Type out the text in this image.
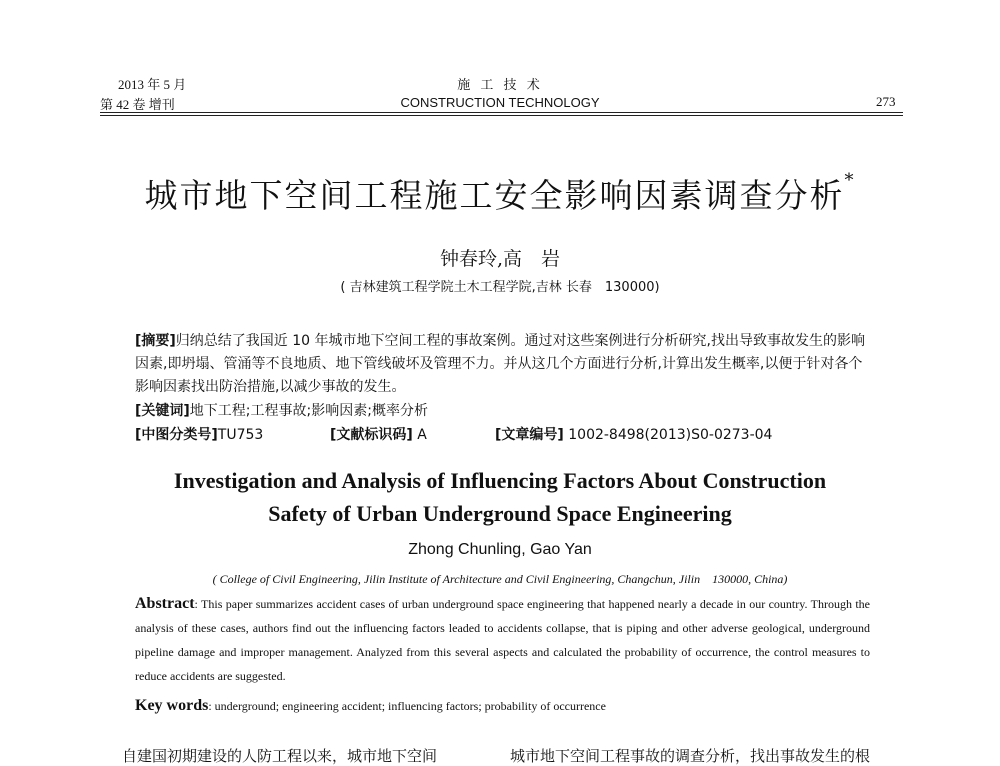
2013 年 5 月
第 42 卷 增刊
施 工 技 术
CONSTRUCTION TECHNOLOGY	273
城市地下空间工程施工安全影响因素调查分析*
钟春玲,高　岩
( 吉林建筑工程学院土木工程学院,吉林 长春　130000)
[摘要]归纳总结了我国近 10 年城市地下空间工程的事故案例。通过对这些案例进行分析研究,找出导致事故发生的影响因素,即坍塌、管涌等不良地质、地下管线破坏及管理不力。并从这几个方面进行分析,计算出发生概率,以便于针对各个影响因素找出防治措施,以减少事故的发生。
[关键词]地下工程;工程事故;影响因素;概率分析
[中图分类号]TU753	[文献标识码] A	[文章编号] 1002-8498(2013)S0-0273-04
Investigation and Analysis of Influencing Factors About Construction
Safety of Urban Underground Space Engineering
Zhong Chunling, Gao Yan
( College of Civil Engineering, Jilin Institute of Architecture and Civil Engineering, Changchun, Jilin　130000, China)
Abstract: This paper summarizes accident cases of urban underground space engineering that happened nearly a decade in our country. Through the analysis of these cases, authors find out the influencing factors leaded to accidents collapse, that is piping and other adverse geological, underground pipeline damage and improper management. Analyzed from this several aspects and calculated the probability of occurrence, the control measures to reduce accidents are suggested.
Key words: underground; engineering accident; influencing factors; probability of occurrence
自建国初期建设的人防工程以来，城市地下空间	城市地下空间工程事故的调查分析，找出事故发生的根
